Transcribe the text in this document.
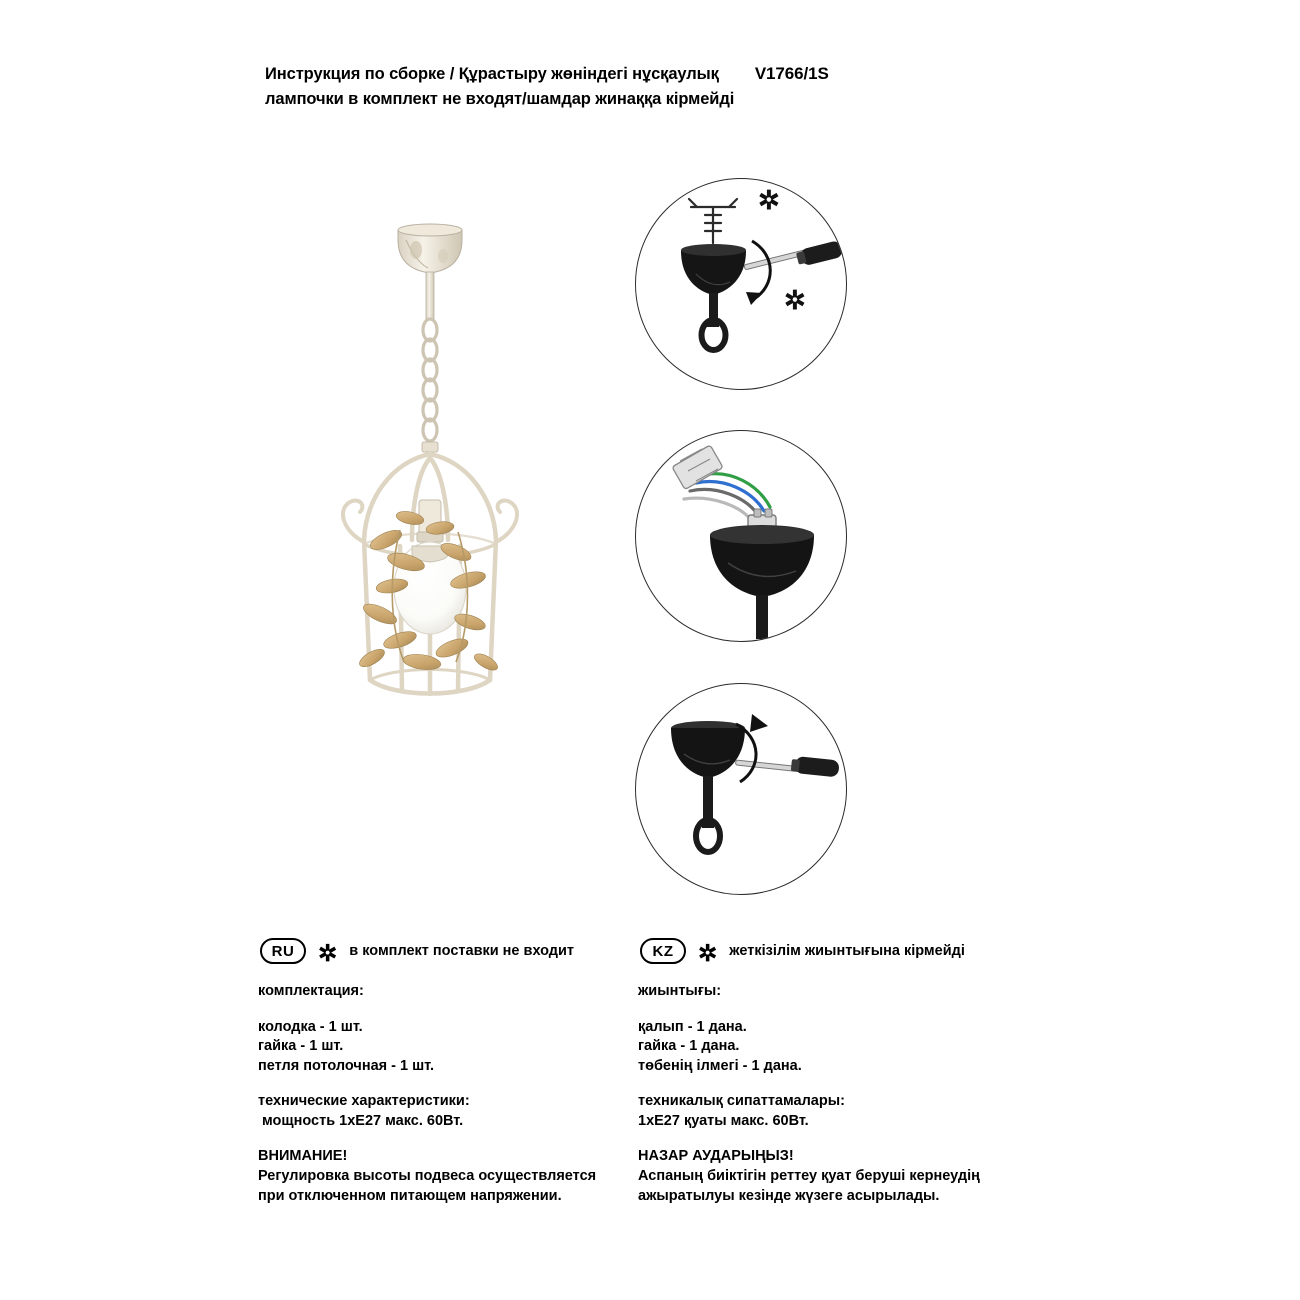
Инструкция по сборке / Құрастыру жөніндегі нұсқаулық V1766/1S
лампочки в комплект не входят/шамдар жинаққа кірмейді
✲
✲
RU	✲ в комплект поставки не входит	KZ	✲ жеткізілім жиынтығына кірмейді

комплектация:

колодка - 1 шт.

гайка - 1 шт.

петля потолочная - 1 шт.

технические характеристики:

мощность 1xE27 макс. 60Вт.

ВНИМАНИЕ!

Регулировка высоты подвеса осуществляется

при отключенном питающем напряжении.

жиынтығы:

қалып - 1 дана.

гайка - 1 дана.

төбенің ілмегі - 1 дана.

техникалық сипаттамалары:

1xE27 қуаты макс. 60Вт.

НАЗАР АУДАРЫҢЫЗ!

Аспаның биіктігін реттеу қуат беруші кернеудің

ажыратылуы кезінде жүзеге асырылады.
